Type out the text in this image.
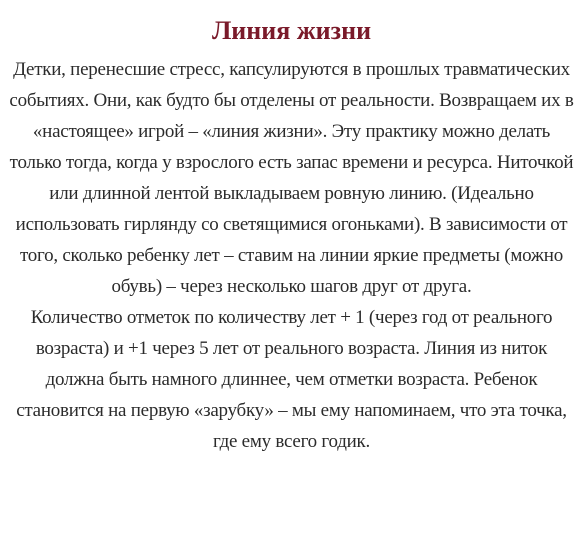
Линия жизни
Детки, перенесшие стресс, капсулируются в прошлых травматических
событиях. Они, как будто бы отделены от реальности. Возвращаем их в
«настоящее» игрой – «линия жизни». Эту практику можно делать
только тогда, когда у взрослого есть запас времени и ресурса. Ниточкой
или длинной лентой выкладываем ровную линию. (Идеально
использовать гирлянду со светящимися огоньками). В зависимости от
того, сколько ребенку лет – ставим на линии яркие предметы (можно
обувь) – через несколько шагов друг от друга.
Количество отметок по количеству лет + 1 (через год от реального
возраста) и +1 через 5 лет от реального возраста. Линия из ниток
должна быть намного длиннее, чем отметки возраста. Ребенок
становится на первую «зарубку» – мы ему напоминаем, что эта точка,
где ему всего годик.
